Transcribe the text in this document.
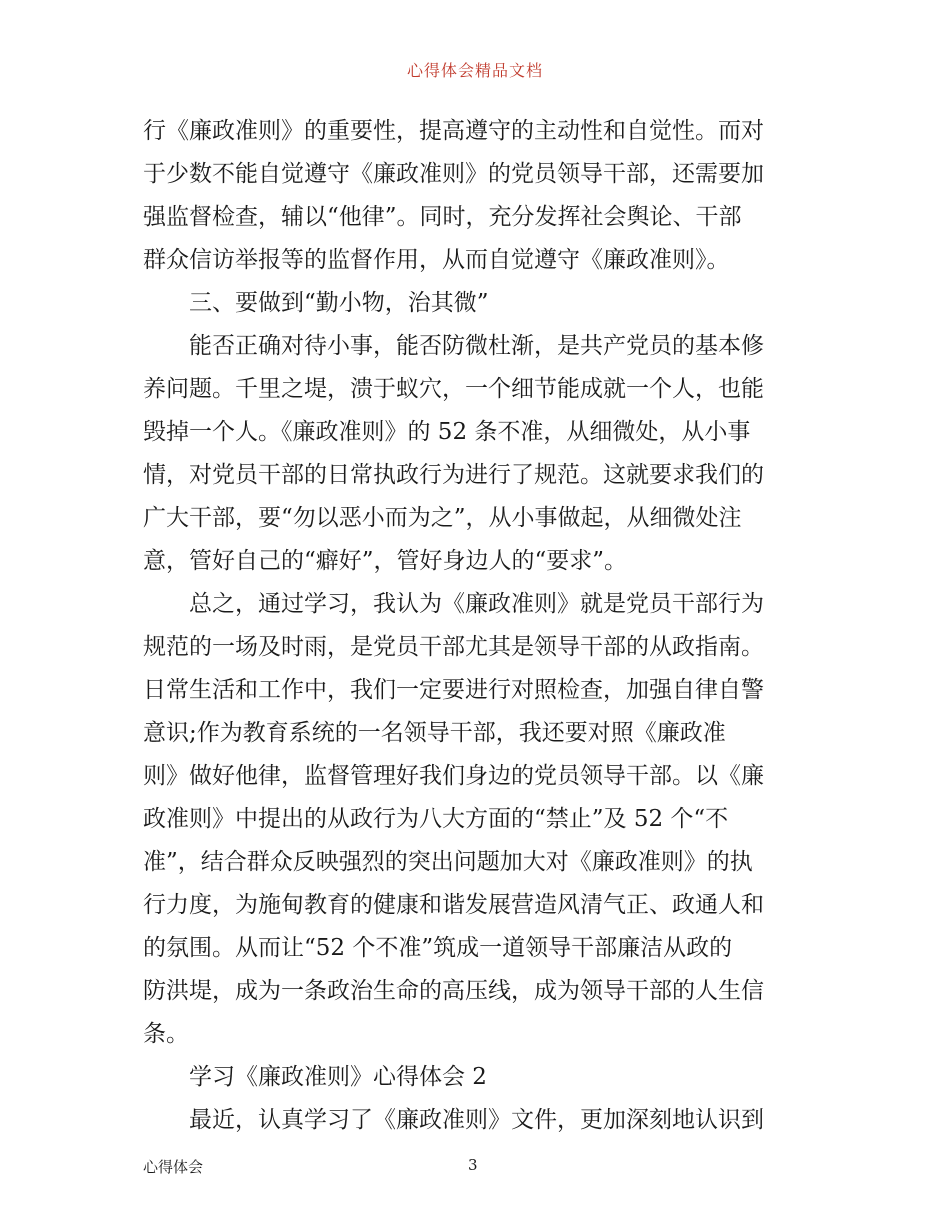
心得体会精品文档
行《廉政准则》的重要性，提高遵守的主动性和自觉性。而对
于少数不能自觉遵守《廉政准则》的党员领导干部，还需要加
强监督检查，辅以“他律”。同时，充分发挥社会舆论、干部
群众信访举报等的监督作用，从而自觉遵守《廉政准则》。
三、要做到“勤小物，治其微”
能否正确对待小事，能否防微杜渐，是共产党员的基本修
养问题。千里之堤，溃于蚁穴，一个细节能成就一个人，也能
毁掉一个人。《廉政准则》的 52 条不准，从细微处，从小事
情，对党员干部的日常执政行为进行了规范。这就要求我们的
广大干部，要“勿以恶小而为之”，从小事做起，从细微处注
意，管好自己的“癖好”，管好身边人的“要求”。
总之，通过学习，我认为《廉政准则》就是党员干部行为
规范的一场及时雨，是党员干部尤其是领导干部的从政指南。
日常生活和工作中，我们一定要进行对照检查，加强自律自警
意识;作为教育系统的一名领导干部，我还要对照《廉政准
则》做好他律，监督管理好我们身边的党员领导干部。以《廉
政准则》中提出的从政行为八大方面的“禁止”及 52 个“不
准”，结合群众反映强烈的突出问题加大对《廉政准则》的执
行力度，为施甸教育的健康和谐发展营造风清气正、政通人和
的氛围。从而让“52 个不准”筑成一道领导干部廉洁从政的
防洪堤，成为一条政治生命的高压线，成为领导干部的人生信
条。
学习《廉政准则》心得体会 2
最近，认真学习了《廉政准则》文件，更加深刻地认识到
心得体会	3
